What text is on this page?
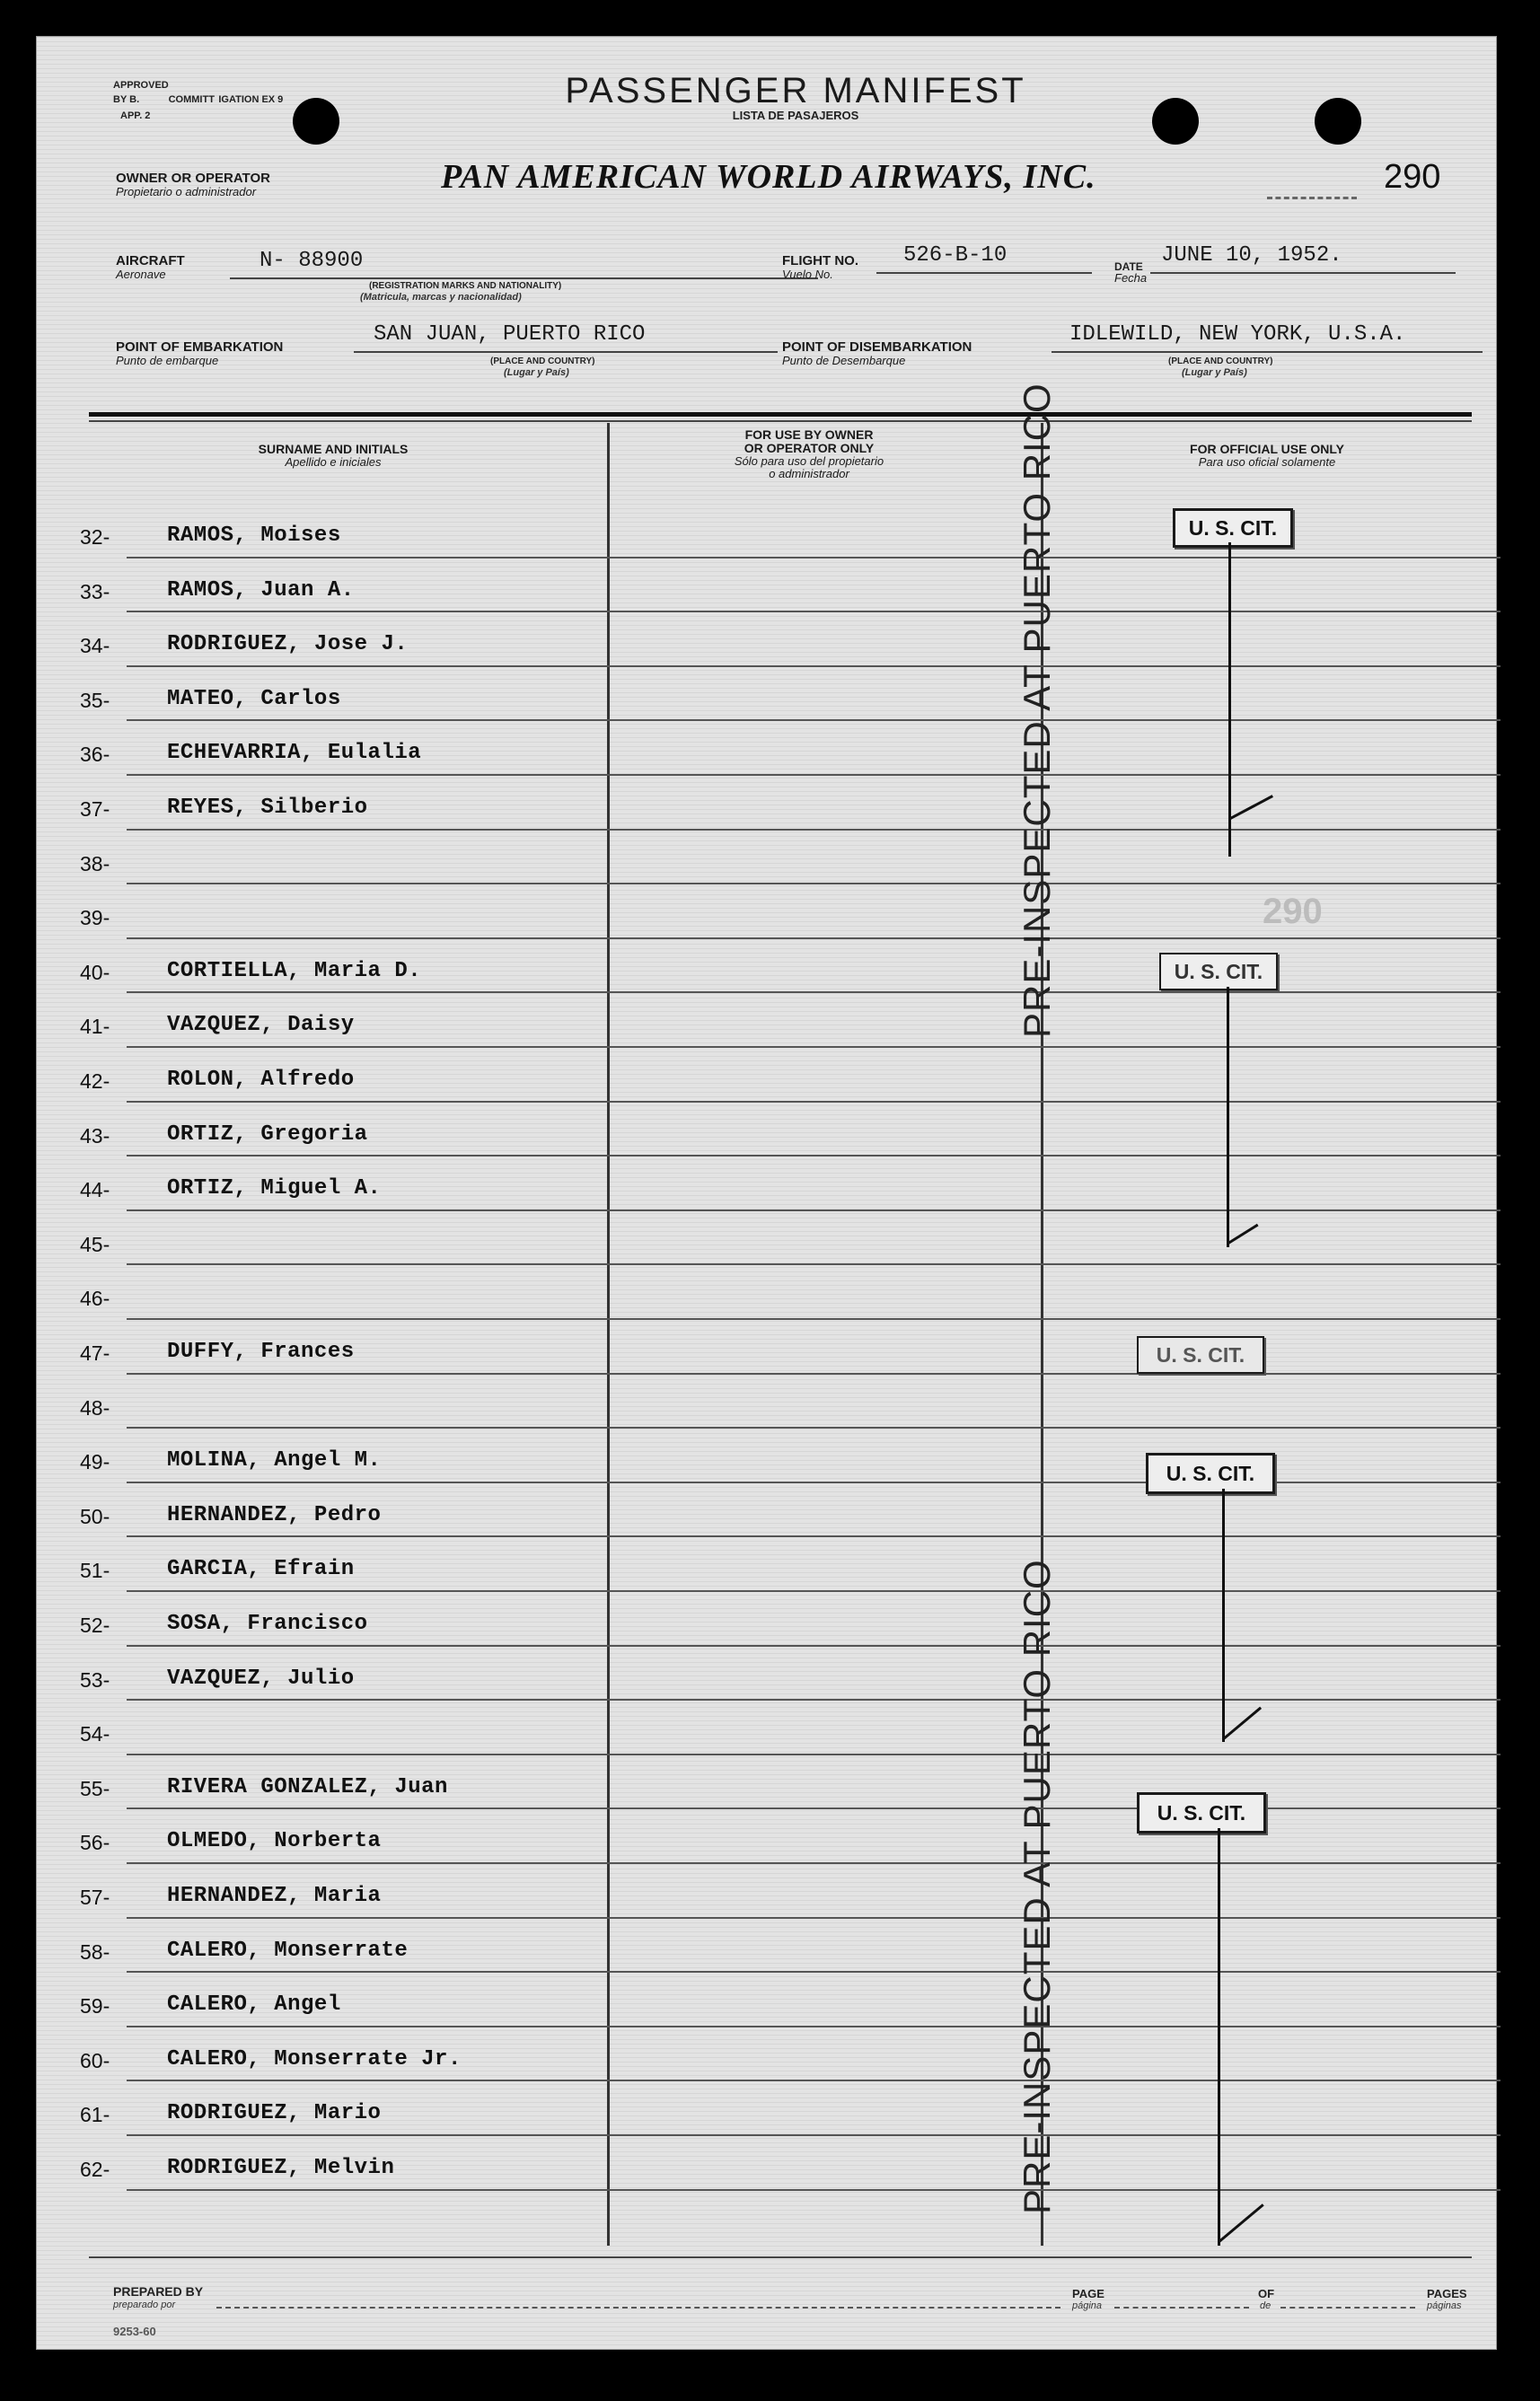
APPROVED
BY B.	COMMITT IGATION EX 9 APP. 2
PASSENGER MANIFEST
LISTA DE PASAJEROS
290
OWNER OR OPERATOR
Propietario o administrador	PAN AMERICAN WORLD AIRWAYS, INC.
AIRCRAFT
Aeronave
N- 88900
(REGISTRATION MARKS AND NATIONALITY)
(Matricula, marcas y nacionalidad)
FLIGHT NO.
Vuelo No.
526-B-10	DATE
Fecha
JUNE 10, 1952.
POINT OF EMBARKATION
Punto de embarque
SAN JUAN, PUERTO RICO
(PLACE AND COUNTRY)
(Lugar y País)
POINT OF DISEMBARKATION
Punto de Desembarque
IDLEWILD, NEW YORK, U.S.A.
(PLACE AND COUNTRY)
(Lugar y País)
SURNAME AND INITIALS
Apellido e iniciales
FOR USE BY OWNER
OR OPERATOR ONLY
Sólo para uso del propietario
o administrador
FOR OFFICIAL USE ONLY
Para uso oficial solamente
32-	RAMOS, Moises
33-	RAMOS, Juan A.
34-	RODRIGUEZ, Jose J.
35-	MATEO, Carlos
36-	ECHEVARRIA, Eulalia
37-	REYES, Silberio
38-
39-
40-	CORTIELLA, Maria D.
41-	VAZQUEZ, Daisy
42-	ROLON, Alfredo
43-	ORTIZ, Gregoria
44-	ORTIZ, Miguel A.
45-
46-
47-	DUFFY, Frances
48-
49-	MOLINA, Angel M.
50-	HERNANDEZ, Pedro
51-	GARCIA, Efrain
52-	SOSA, Francisco
53-	VAZQUEZ, Julio
54-
55-	RIVERA GONZALEZ, Juan
56-	OLMEDO, Norberta
57-	HERNANDEZ, Maria
58-	CALERO, Monserrate
59-	CALERO, Angel
60-	CALERO, Monserrate Jr.
61-	RODRIGUEZ, Mario
62-	RODRIGUEZ, Melvin
PRE-INSPECTED AT PUERTO RICO
PRE-INSPECTED AT PUERTO RICO
290
U. S. CIT.
U. S. CIT.
U. S. CIT.
U. S. CIT.
U. S. CIT.
PREPARED BY
preparado por
9253-60
PAGE
página
OF
de
PAGES
páginas
